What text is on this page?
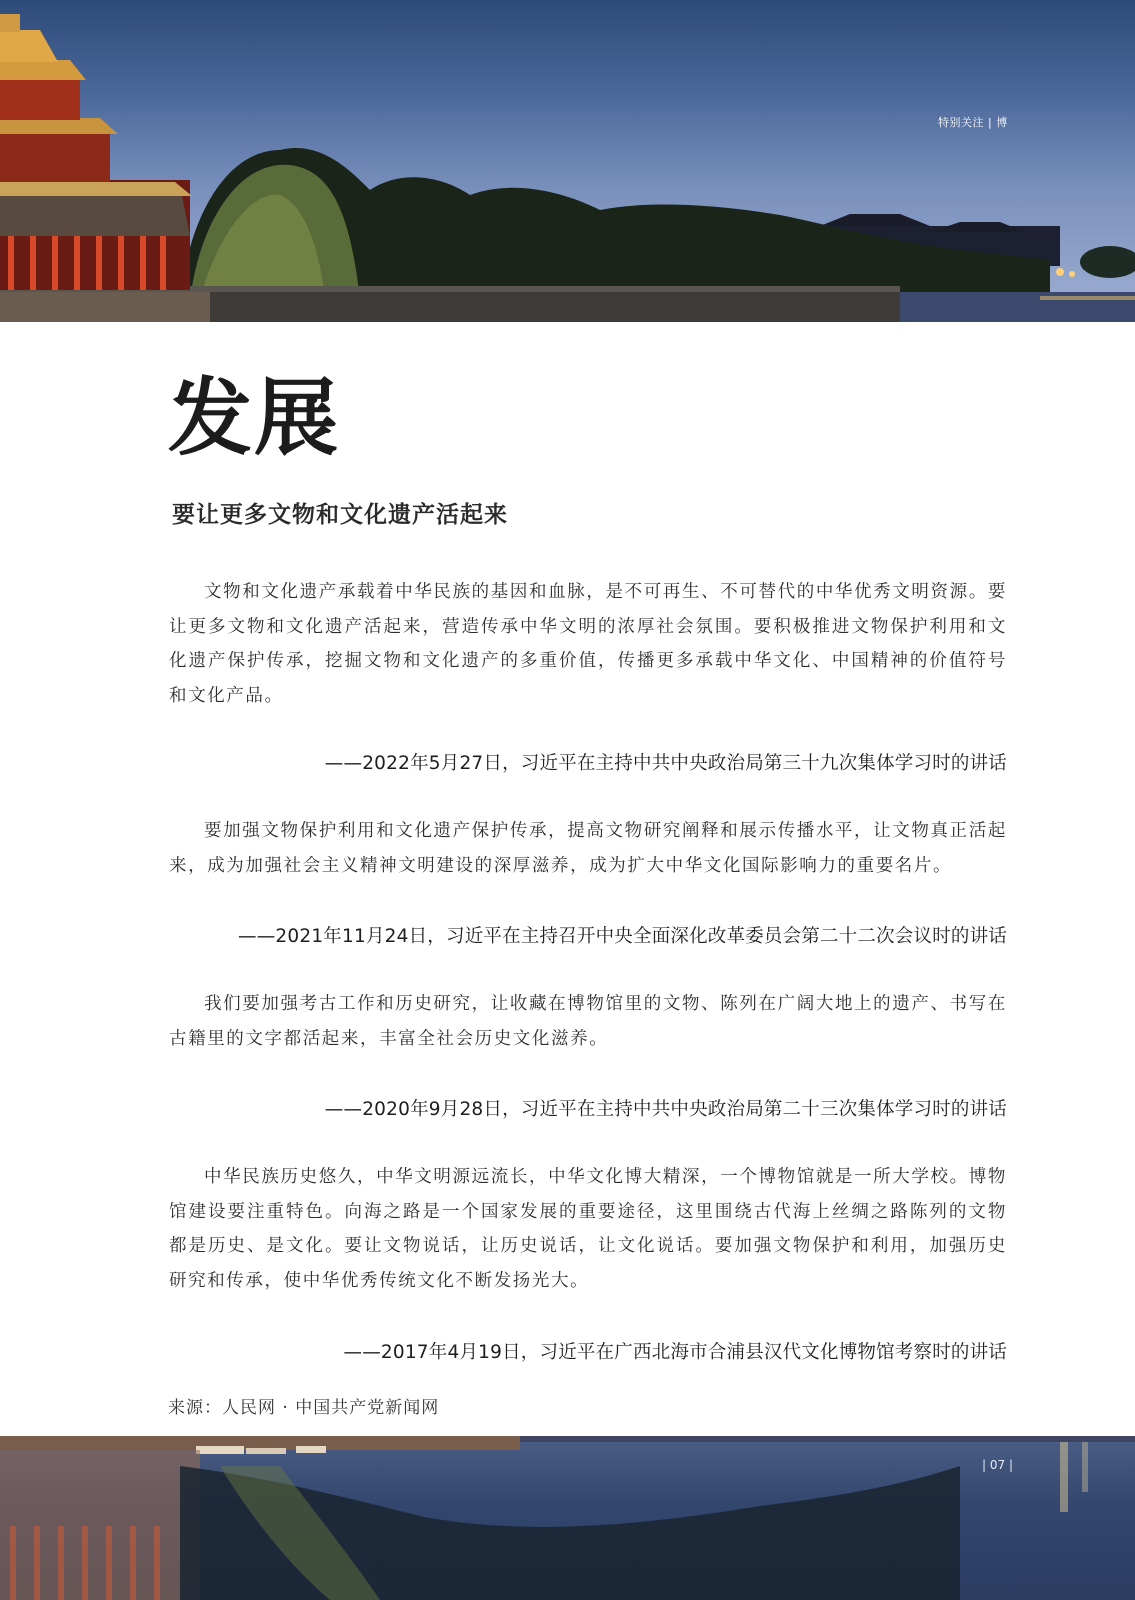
特别关注 | 博
发展
要让更多文物和文化遗产活起来
文物和文化遗产承载着中华民族的基因和血脉，是不可再生、不可替代的中华优秀文明资源。要让更多文物和文化遗产活起来，营造传承中华文明的浓厚社会氛围。要积极推进文物保护利用和文化遗产保护传承，挖掘文物和文化遗产的多重价值，传播更多承载中华文化、中国精神的价值符号和文化产品。
——2022年5月27日，习近平在主持中共中央政治局第三十九次集体学习时的讲话
要加强文物保护利用和文化遗产保护传承，提高文物研究阐释和展示传播水平，让文物真正活起来，成为加强社会主义精神文明建设的深厚滋养，成为扩大中华文化国际影响力的重要名片。
——2021年11月24日，习近平在主持召开中央全面深化改革委员会第二十二次会议时的讲话
我们要加强考古工作和历史研究，让收藏在博物馆里的文物、陈列在广阔大地上的遗产、书写在古籍里的文字都活起来，丰富全社会历史文化滋养。
——2020年9月28日，习近平在主持中共中央政治局第二十三次集体学习时的讲话
中华民族历史悠久，中华文明源远流长，中华文化博大精深，一个博物馆就是一所大学校。博物馆建设要注重特色。向海之路是一个国家发展的重要途径，这里围绕古代海上丝绸之路陈列的文物都是历史、是文化。要让文物说话，让历史说话，让文化说话。要加强文物保护和利用，加强历史研究和传承，使中华优秀传统文化不断发扬光大。
——2017年4月19日，习近平在广西北海市合浦县汉代文化博物馆考察时的讲话
来源：人民网 · 中国共产党新闻网
| 07 |
